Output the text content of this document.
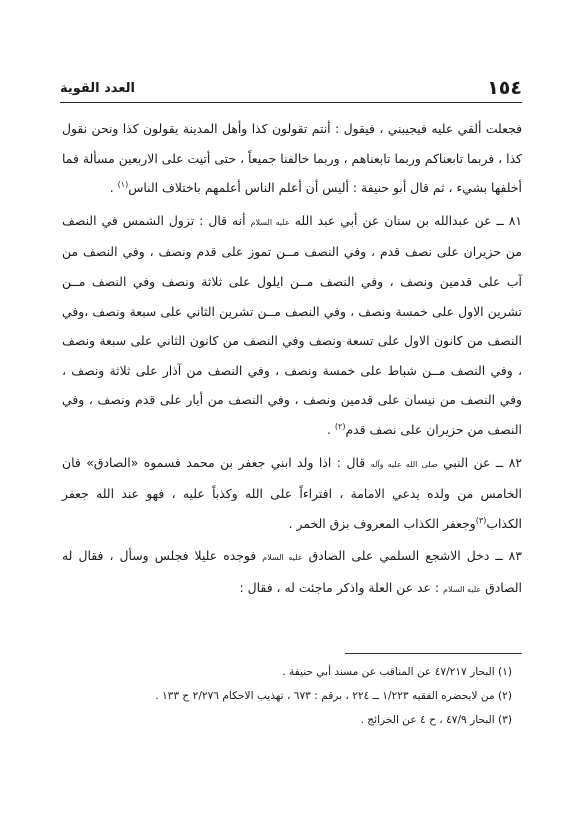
١٥٤
العدد القوية

فجعلت ألقي عليه فيجيبني ، فيقول : أنتم تقولون كذا وأهل المدينة يقولون كذا ونحن نقول كذا ، فربما تابعناكم وربما تابعناهم ، وربما خالفنا جميعاً ، حتى أتيت على الاربعين مسألة فما أخلفها بشيء ، ثم قال أبو حنيفة : أليس أن أعلم الناس أعلمهم باختلاف الناس$^{(١)}$ .

٨١ ــ عن عبدالله بن سنان عن أبي عبد الله عليه السلام أنه قال : تزول الشمس في النصف من حزيران على نصف قدم ، وفي النصف مــن تموز على قدم ونصف ، وفي النصف من آب على قدمين ونصف ، وفي النصف مــن ايلول على ثلاثة ونصف وفي النصف مــن تشرين الاول على خمسة ونصف ، وفي النصف مــن تشرين الثاني على سبعة ونصف ،وفي النصف من كانون الاول على تسعة ونصف وفي النصف من كانون الثاني على سبعة ونصف ، وفي النصف مــن شباط على خمسة ونصف ، وفي النصف من آذار على ثلاثة ونصف ، وفي النصف من نيسان على قدمين ونصف ، وفي النصف من أيار على قدم ونصف ، وفي النصف من حزيران على نصف قدم$^{(٢)}$ .

٨٢ ــ عن النبي صلى الله عليه وآله قال : اذا ولد ابني جعفر بن محمد فسموه «الصادق» فان الخامس من ولده يدعي الامامة ، افتراءاً على الله وكذباً عليه ، فهو عند الله جعفر الكذاب$^{(٣)}$وجعفر الكذاب المعروف بزق الخمر .

٨٣ ــ دخل الاشجع السلمي على الصادق عليه السلام فوجده عليلا فجلس وسأل ، فقال له الصادق عليه السلام : عد عن العلة واذكر ماجئت له ، فقال :

(١) البحار ٤٧/٢١٧ عن المناقب عن مسند أبي حنيفة .

(٢) من لايحضره الفقيه ١/٢٢٣ ــ ٢٢٤ ، برقم : ٦٧٣ ، تهذيب الاحكام ٢/٢٧٦ ح ١٣٣ .

(٣) البحار ٤٧/٩ ، ح ٤ عن الخرائج .
